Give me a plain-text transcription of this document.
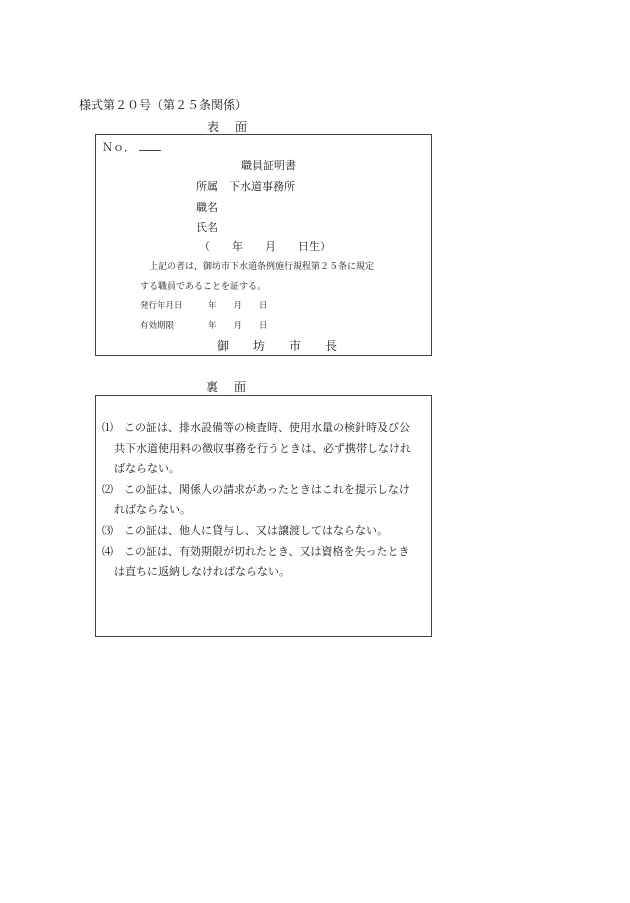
様式第２０号（第２５条関係）
表　面
Ｎｏ．
職員証明書
所属　下水道事務所
職名
氏名
（　　年　　月　　日生）
上記の者は，御坊市下水道条例施行規程第２５条に規定
する職員であることを証する。
発行年月日　　　年　　月　　日
有効期限　　　　年　　月　　日
御　坊　市　長
裏　面
⑴　 この証は、排水設備等の検査時、使用水量の検針時及び公
共下水道使用料の徴収事務を行うときは、必ず携帯しなけれ
ばならない。
⑵　 この証は、関係人の請求があったときはこれを提示しなけ
ればならない。
⑶　 この証は、他人に貸与し、又は譲渡してはならない。
⑷　 この証は、有効期限が切れたとき、又は資格を失ったとき
は直ちに返納しなければならない。
